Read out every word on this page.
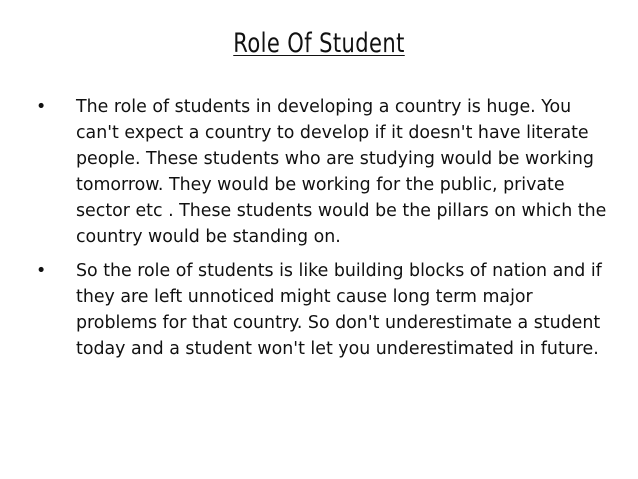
Role Of Student
• The role of students in developing a country is huge. You can't expect a country to develop if it doesn't have literate people. These students who are studying would be working tomorrow. They would be working for the public, private sector etc . These students would be the pillars on which the country would be standing on.
• So the role of students is like building blocks of nation and if they are left unnoticed might cause long term major problems for that country. So don't underestimate a student today and a student won't let you underestimated in future.
